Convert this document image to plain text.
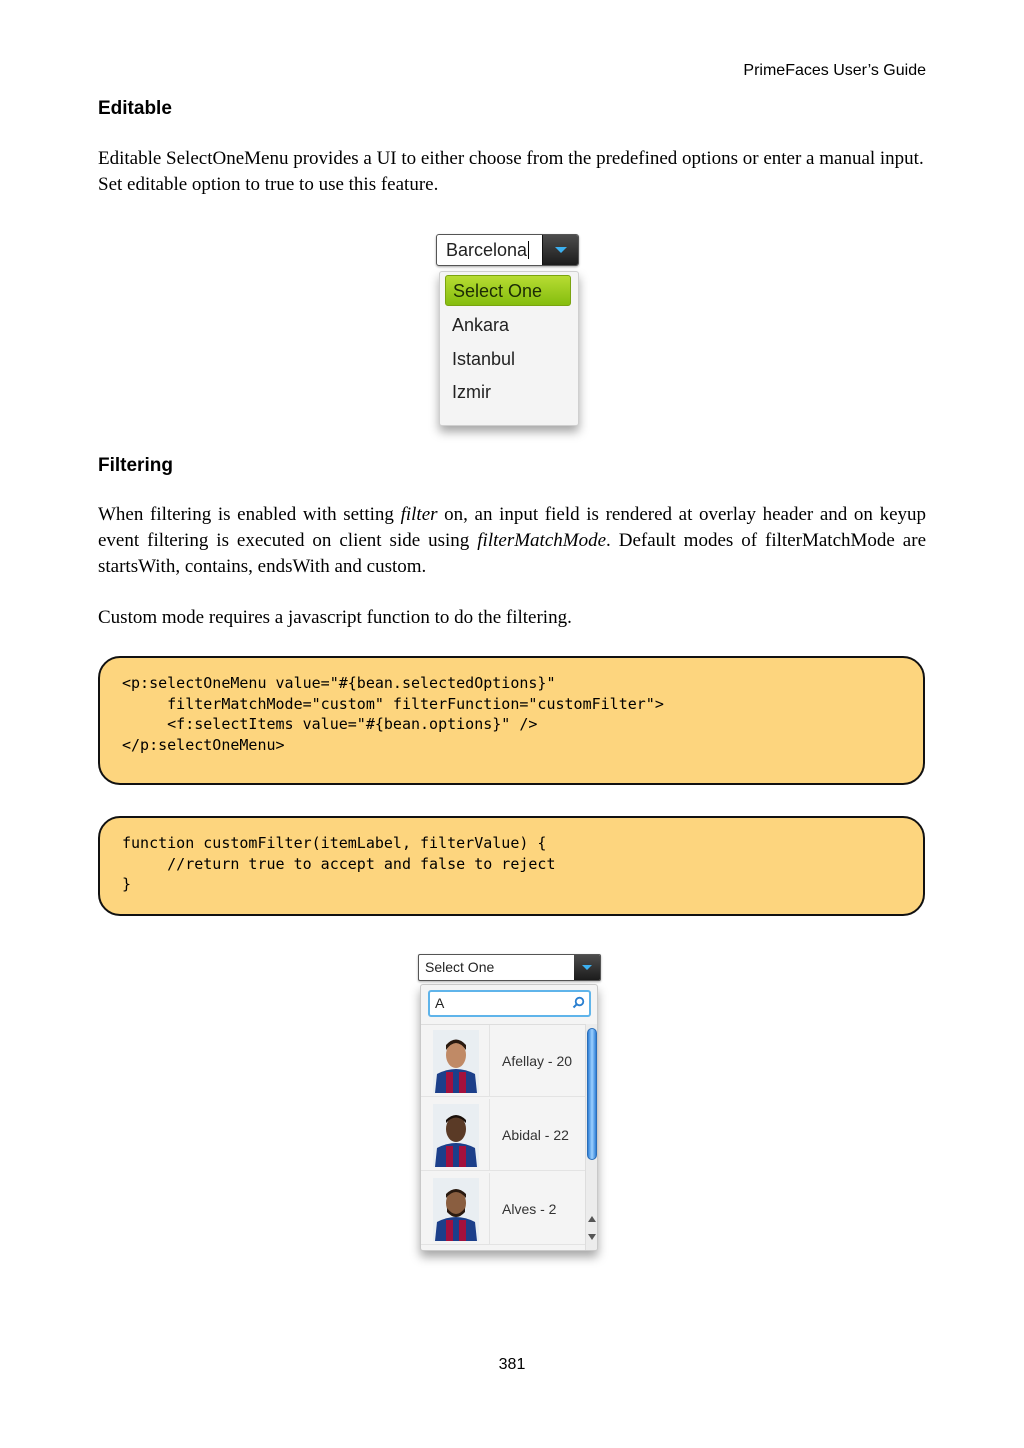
PrimeFaces User’s Guide
Editable
Editable SelectOneMenu provides a UI to either choose from the predefined options or enter a manual input. Set editable option to true to use this feature.
Barcelona
Select One
Ankara
Istanbul
Izmir
Filtering
When filtering is enabled with setting filter on, an input field is rendered at overlay header and on keyup event filtering is executed on client side using filterMatchMode. Default modes of filterMatchMode are startsWith, contains, endsWith and custom.
Custom mode requires a javascript function to do the filtering.
<p:selectOneMenu value="#{bean.selectedOptions}"
filterMatchMode="custom" filterFunction="customFilter">
<f:selectItems value="#{bean.options}" />
</p:selectOneMenu>
function customFilter(itemLabel, filterValue) {
//return true to accept and false to reject
}
Select One
A
Afellay - 20
Abidal - 22
Alves - 2
381
